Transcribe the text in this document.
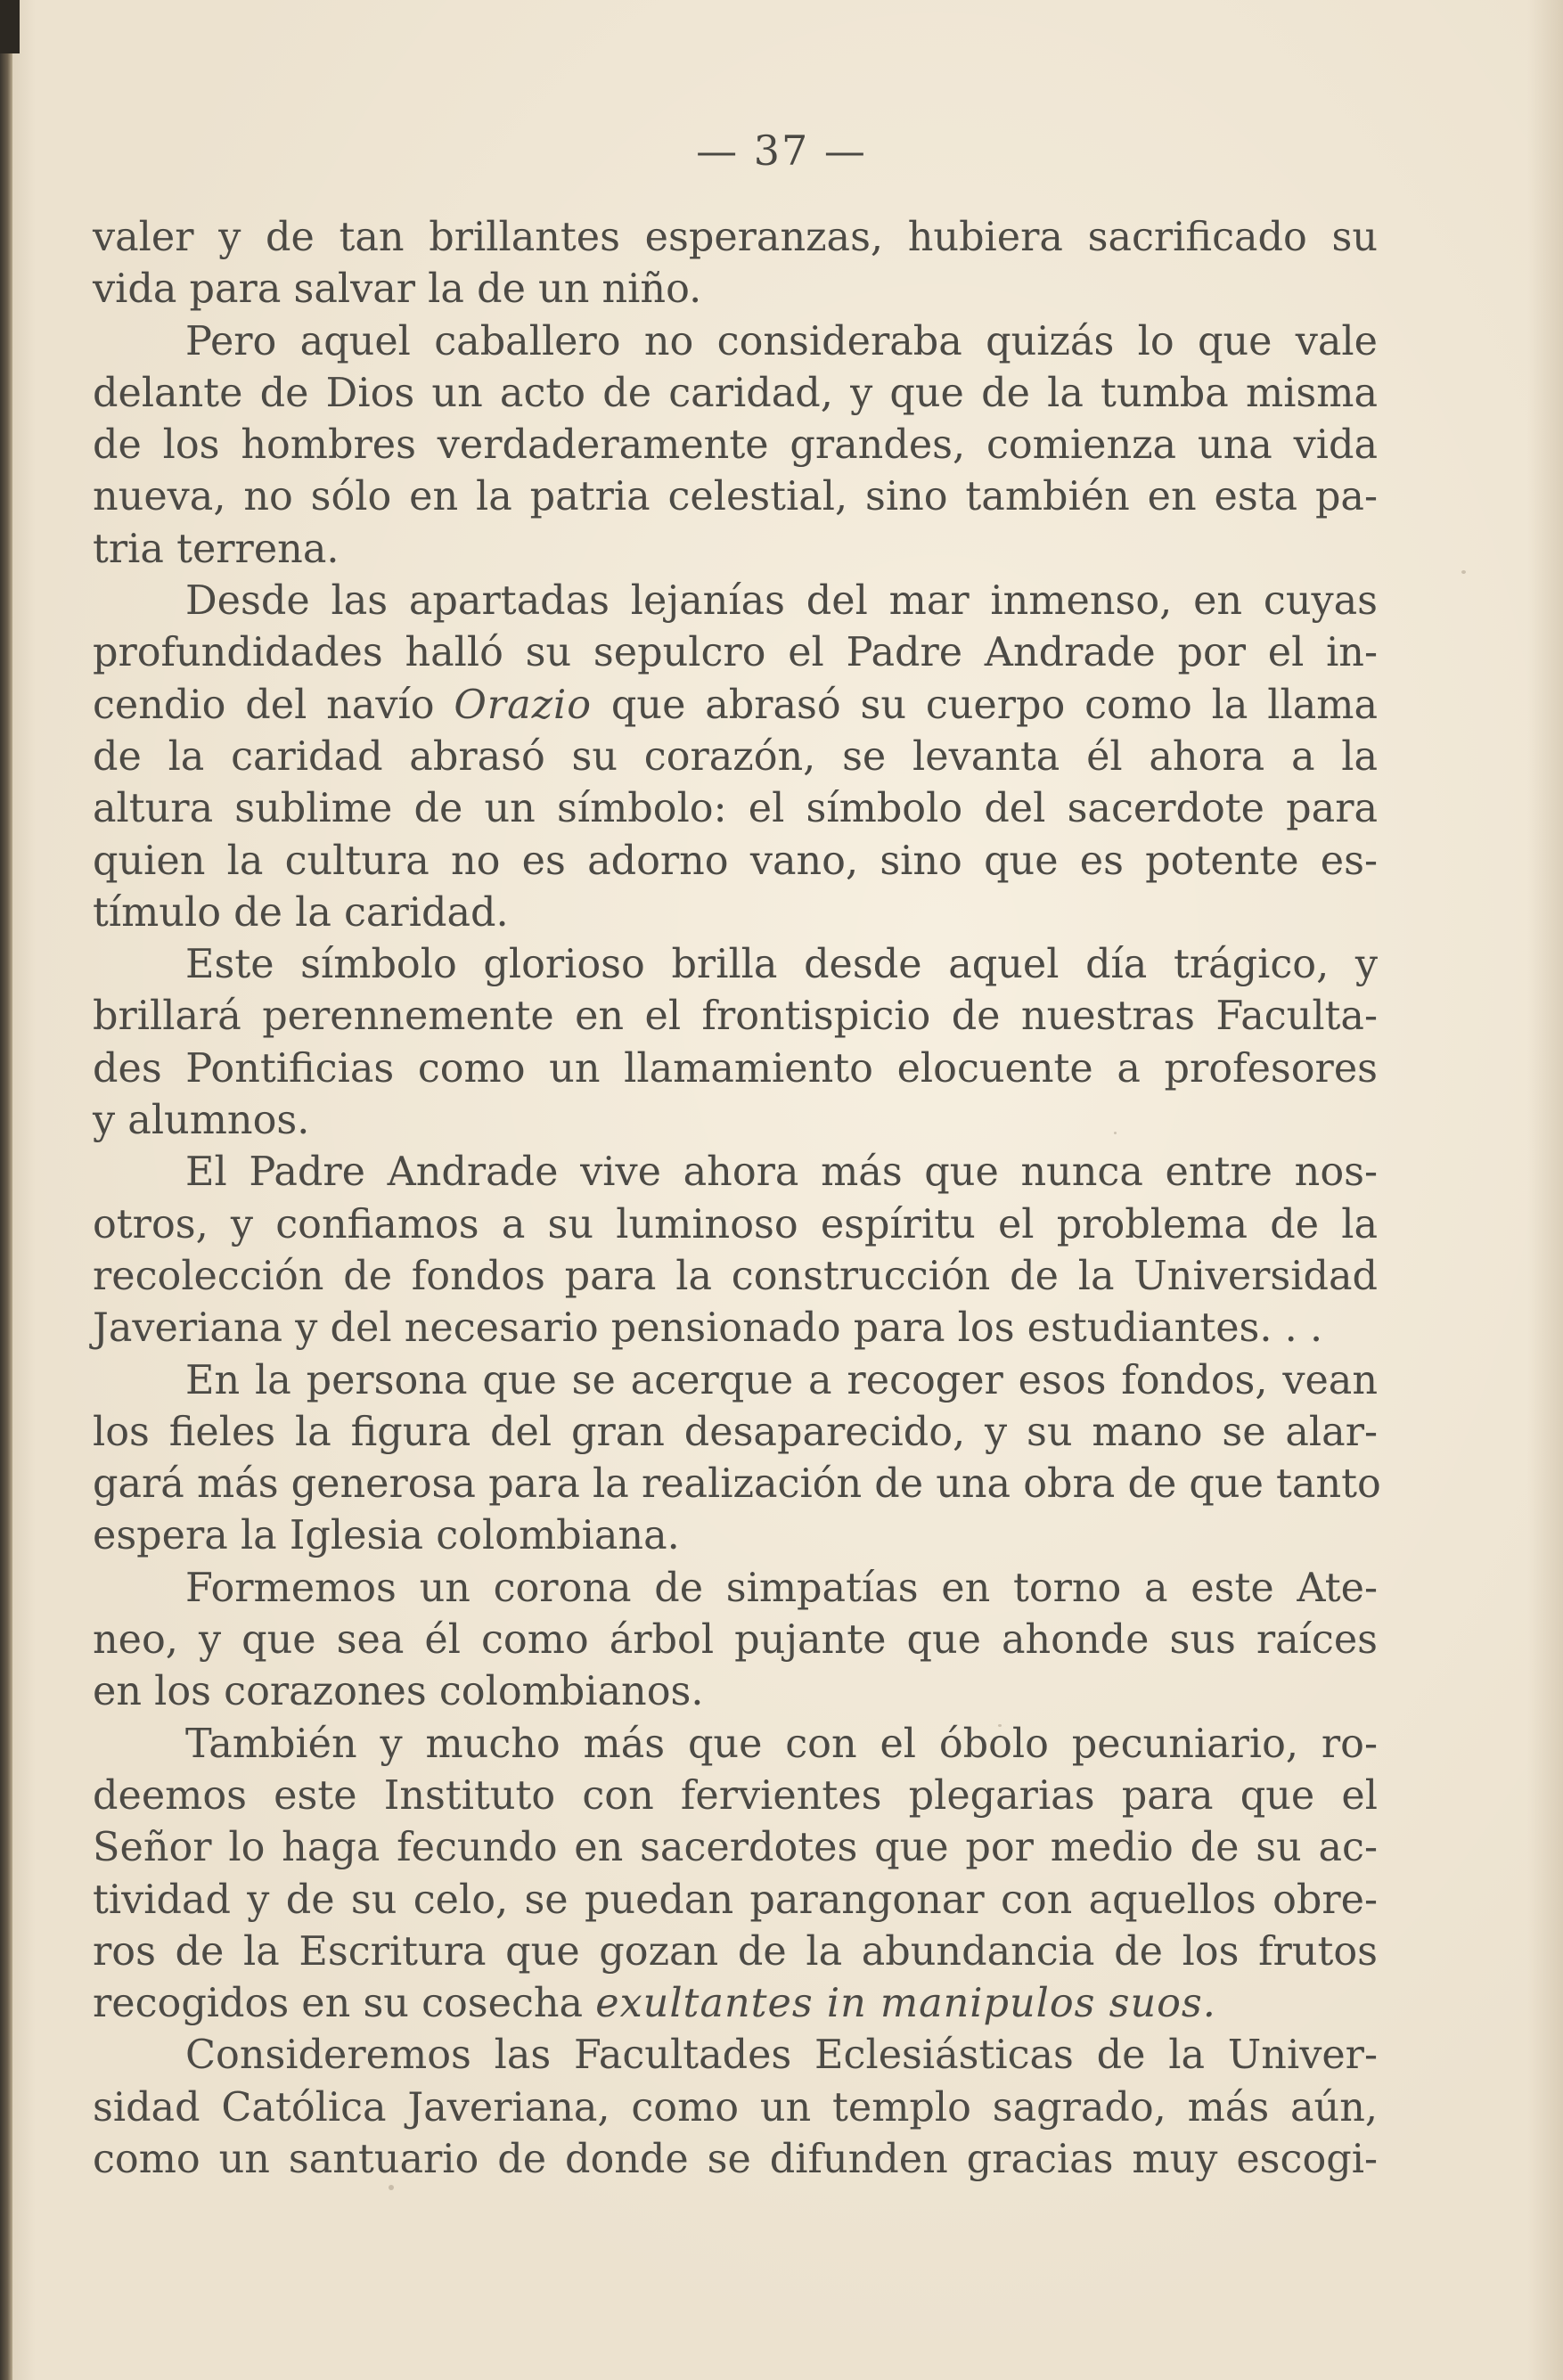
— 37 —
valer y de tan brillantes esperanzas, hubiera sacrificado su
vida para salvar la de un niño.
Pero aquel caballero no consideraba quizás lo que vale
delante de Dios un acto de caridad, y que de la tumba misma
de los hombres verdaderamente grandes, comienza una vida
nueva, no sólo en la patria celestial, sino también en esta pa-
tria terrena.
Desde las apartadas lejanías del mar inmenso, en cuyas
profundidades halló su sepulcro el Padre Andrade por el in-
cendio del navío Orazio que abrasó su cuerpo como la llama
de la caridad abrasó su corazón, se levanta él ahora a la
altura sublime de un símbolo: el símbolo del sacerdote para
quien la cultura no es adorno vano, sino que es potente es-
tímulo de la caridad.
Este símbolo glorioso brilla desde aquel día trágico, y
brillará perennemente en el frontispicio de nuestras Faculta-
des Pontificias como un llamamiento elocuente a profesores
y alumnos.
El Padre Andrade vive ahora más que nunca entre nos-
otros, y confiamos a su luminoso espíritu el problema de la
recolección de fondos para la construcción de la Universidad
Javeriana y del necesario pensionado para los estudiantes. . .
En la persona que se acerque a recoger esos fondos, vean
los fieles la figura del gran desaparecido, y su mano se alar-
gará más generosa para la realización de una obra de que tanto
espera la Iglesia colombiana.
Formemos un corona de simpatías en torno a este Ate-
neo, y que sea él como árbol pujante que ahonde sus raíces
en los corazones colombianos.
También y mucho más que con el óbolo pecuniario, ro-
deemos este Instituto con fervientes plegarias para que el
Señor lo haga fecundo en sacerdotes que por medio de su ac-
tividad y de su celo, se puedan parangonar con aquellos obre-
ros de la Escritura que gozan de la abundancia de los frutos
recogidos en su cosecha exultantes in manipulos suos.
Consideremos las Facultades Eclesiásticas de la Univer-
sidad Católica Javeriana, como un templo sagrado, más aún,
como un santuario de donde se difunden gracias muy escogi-
